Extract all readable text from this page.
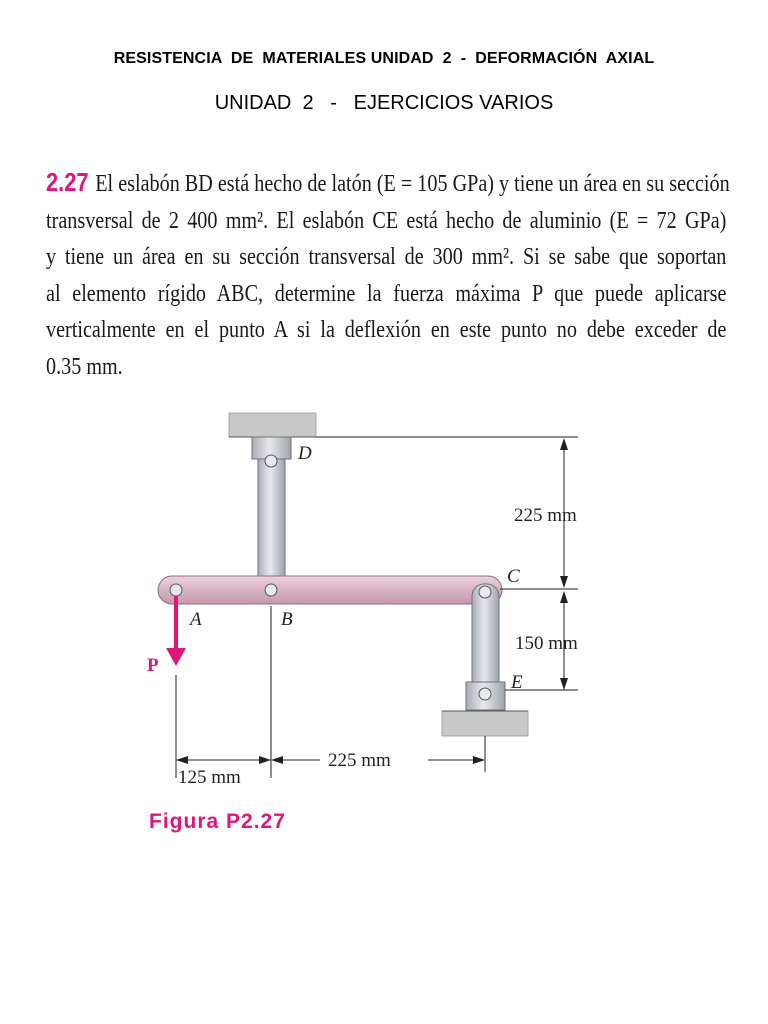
RESISTENCIA  DE  MATERIALES UNIDAD  2  -  DEFORMACIÓN  AXIAL
UNIDAD  2   -   EJERCICIOS VARIOS
2.27 El eslabón BD está hecho de latón (E = 105 GPa) y tiene un área en su sección
transversal de 2 400 mm². El eslabón CE está hecho de aluminio (E = 72 GPa)
y tiene un área en su sección transversal de 300 mm². Si se sabe que soportan
al elemento rígido ABC, determine la fuerza máxima P que puede aplicarse
verticalmente en el punto A si la deflexión en este punto no debe exceder de
0.35 mm.
D
C
A	B
E
P
225 mm
150 mm
125 mm
225 mm
Figura P2.27
